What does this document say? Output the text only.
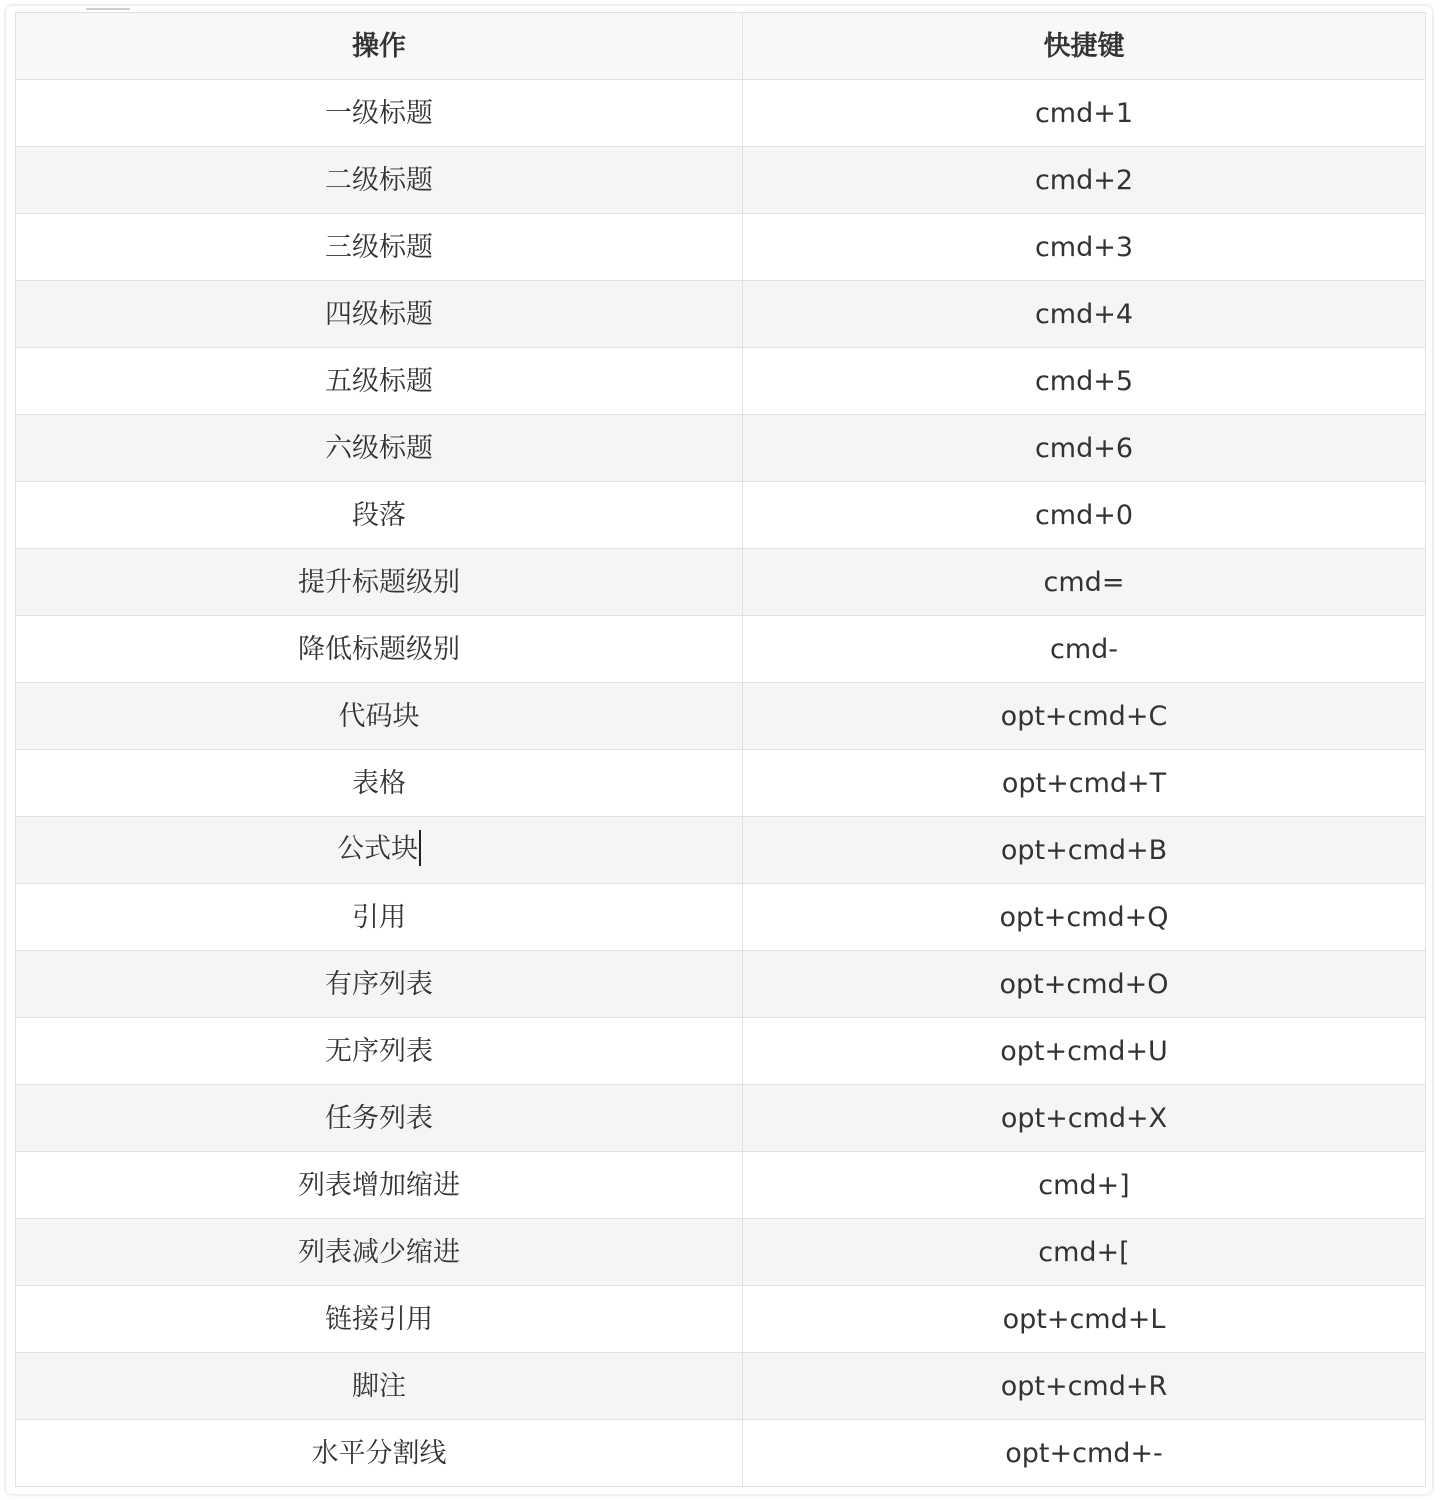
操作	快捷键
一级标题	cmd+1
二级标题	cmd+2
三级标题	cmd+3
四级标题	cmd+4
五级标题	cmd+5
六级标题	cmd+6
段落	cmd+0
提升标题级别	cmd=
降低标题级别	cmd-
代码块	opt+cmd+C
表格	opt+cmd+T
公式块	opt+cmd+B
引用	opt+cmd+Q
有序列表	opt+cmd+O
无序列表	opt+cmd+U
任务列表	opt+cmd+X
列表增加缩进	cmd+]
列表减少缩进	cmd+[
链接引用	opt+cmd+L
脚注	opt+cmd+R
水平分割线	opt+cmd+-
